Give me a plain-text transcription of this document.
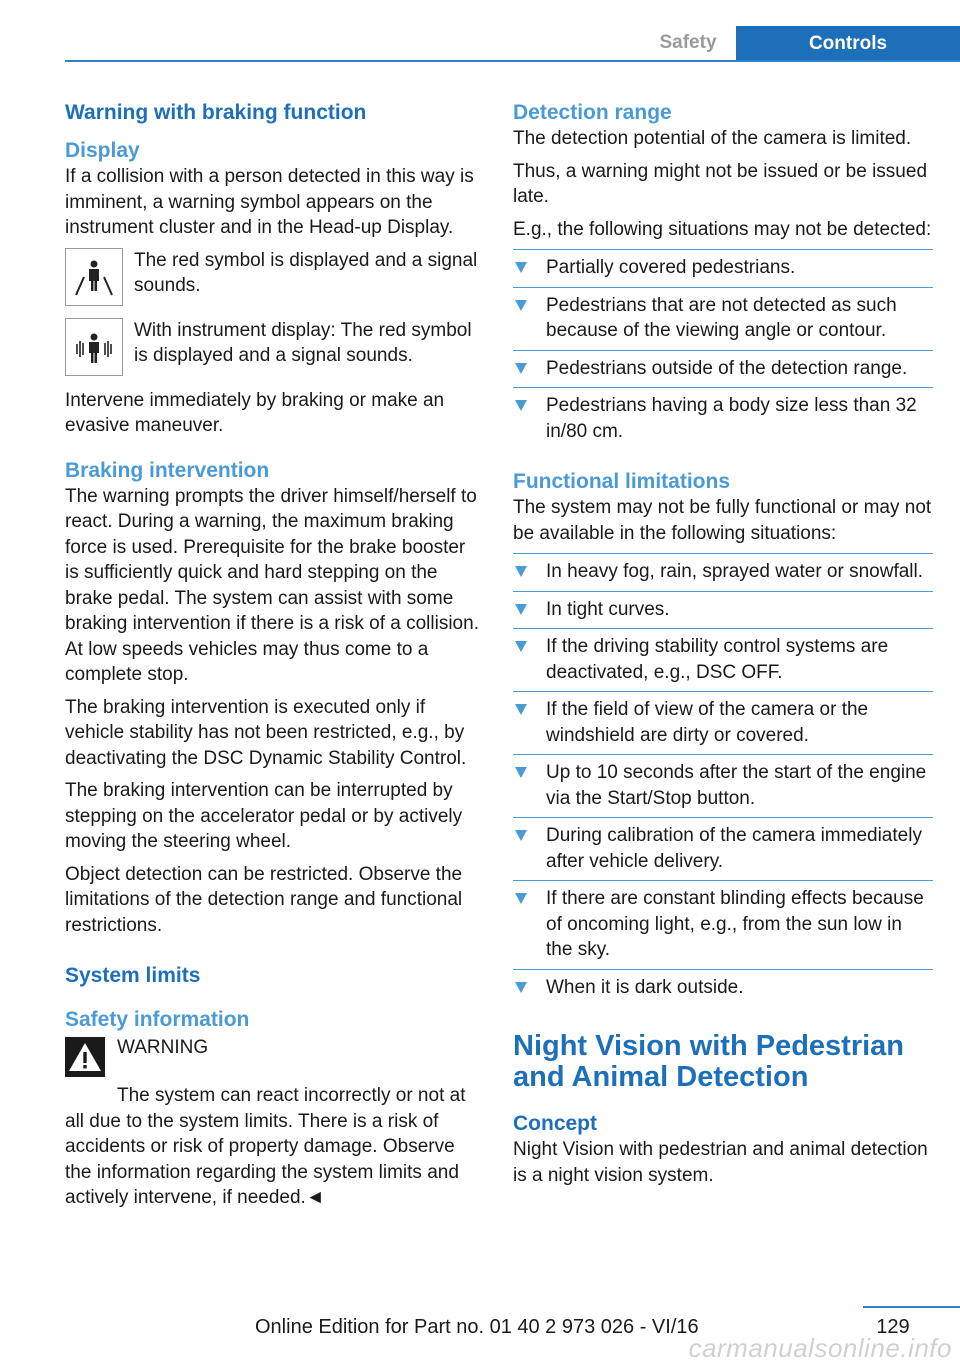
Safety	Controls
Warning with braking function
Display

If a collision with a person detected in this way is imminent, a warning symbol appears on the instrument cluster and in the Head-up Display.

The red symbol is displayed and a signal sounds.
With instrument display: The red symbol is displayed and a signal sounds.

Intervene immediately by braking or make an evasive maneuver.

Braking intervention

The warning prompts the driver himself/herself to react. During a warning, the maximum braking force is used. Prerequisite for the brake booster is sufficiently quick and hard stepping on the brake pedal. The system can assist with some braking intervention if there is a risk of a collision. At low speeds vehicles may thus come to a complete stop.

The braking intervention is executed only if vehicle stability has not been restricted, e.g., by deactivating the DSC Dynamic Stability Control.

The braking intervention can be interrupted by stepping on the accelerator pedal or by actively moving the steering wheel.

Object detection can be restricted. Observe the limitations of the detection range and functional restrictions.

System limits
Safety information
WARNING

The system can react incorrectly or not at all due to the system limits. There is a risk of accidents or risk of property damage. Observe the information regarding the system limits and actively intervene, if needed.◄

Detection range

The detection potential of the camera is limited.

Thus, a warning might not be issued or be issued late.

E.g., the following situations may not be detected:

Partially covered pedestrians.
Pedestrians that are not detected as such because of the viewing angle or contour.
Pedestrians outside of the detection range.
Pedestrians having a body size less than 32 in/80 cm.
Functional limitations

The system may not be fully functional or may not be available in the following situations:

In heavy fog, rain, sprayed water or snowfall.
In tight curves.
If the driving stability control systems are deactivated, e.g., DSC OFF.
If the field of view of the camera or the windshield are dirty or covered.
Up to 10 seconds after the start of the engine via the Start/Stop button.
During calibration of the camera immediately after vehicle delivery.
If there are constant blinding effects because of oncoming light, e.g., from the sun low in the sky.
When it is dark outside.
Night Vision with Pedestrian and Animal Detection
Concept

Night Vision with pedestrian and animal detection is a night vision system.

129
Online Edition for Part no. 01 40 2 973 026 - VI/16
carmanualsonline.info
